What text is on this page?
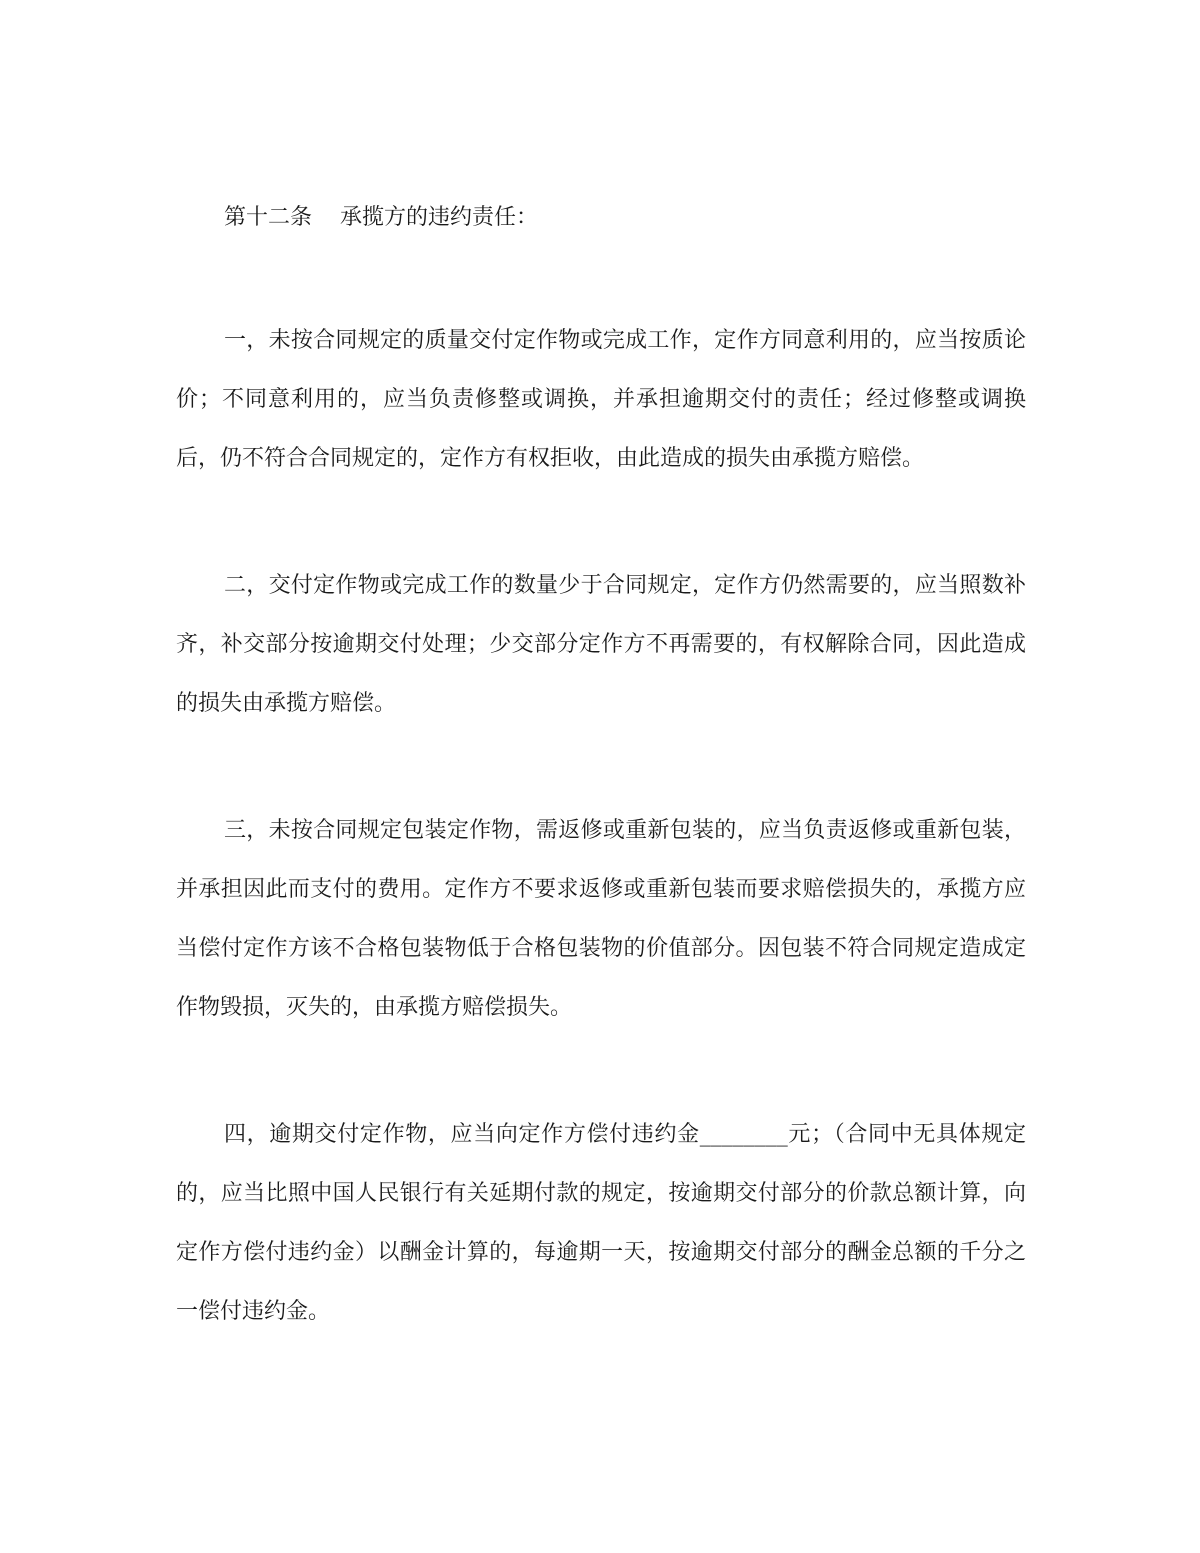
第十二条 承揽方的违约责任：

一，未按合同规定的质量交付定作物或完成工作，定作方同意利用的，应当按质论价；不同意利用的，应当负责修整或调换，并承担逾期交付的责任；经过修整或调换后，仍不符合合同规定的，定作方有权拒收，由此造成的损失由承揽方赔偿。

二，交付定作物或完成工作的数量少于合同规定，定作方仍然需要的，应当照数补齐，补交部分按逾期交付处理；少交部分定作方不再需要的，有权解除合同，因此造成的损失由承揽方赔偿。

三，未按合同规定包装定作物，需返修或重新包装的，应当负责返修或重新包装，并承担因此而支付的费用。定作方不要求返修或重新包装而要求赔偿损失的，承揽方应当偿付定作方该不合格包装物低于合格包装物的价值部分。因包装不符合同规定造成定作物毁损，灭失的，由承揽方赔偿损失。

四，逾期交付定作物，应当向定作方偿付违约金________元；（合同中无具体规定的，应当比照中国人民银行有关延期付款的规定，按逾期交付部分的价款总额计算，向定作方偿付违约金）以酬金计算的，每逾期一天，按逾期交付部分的酬金总额的千分之一偿付违约金。
